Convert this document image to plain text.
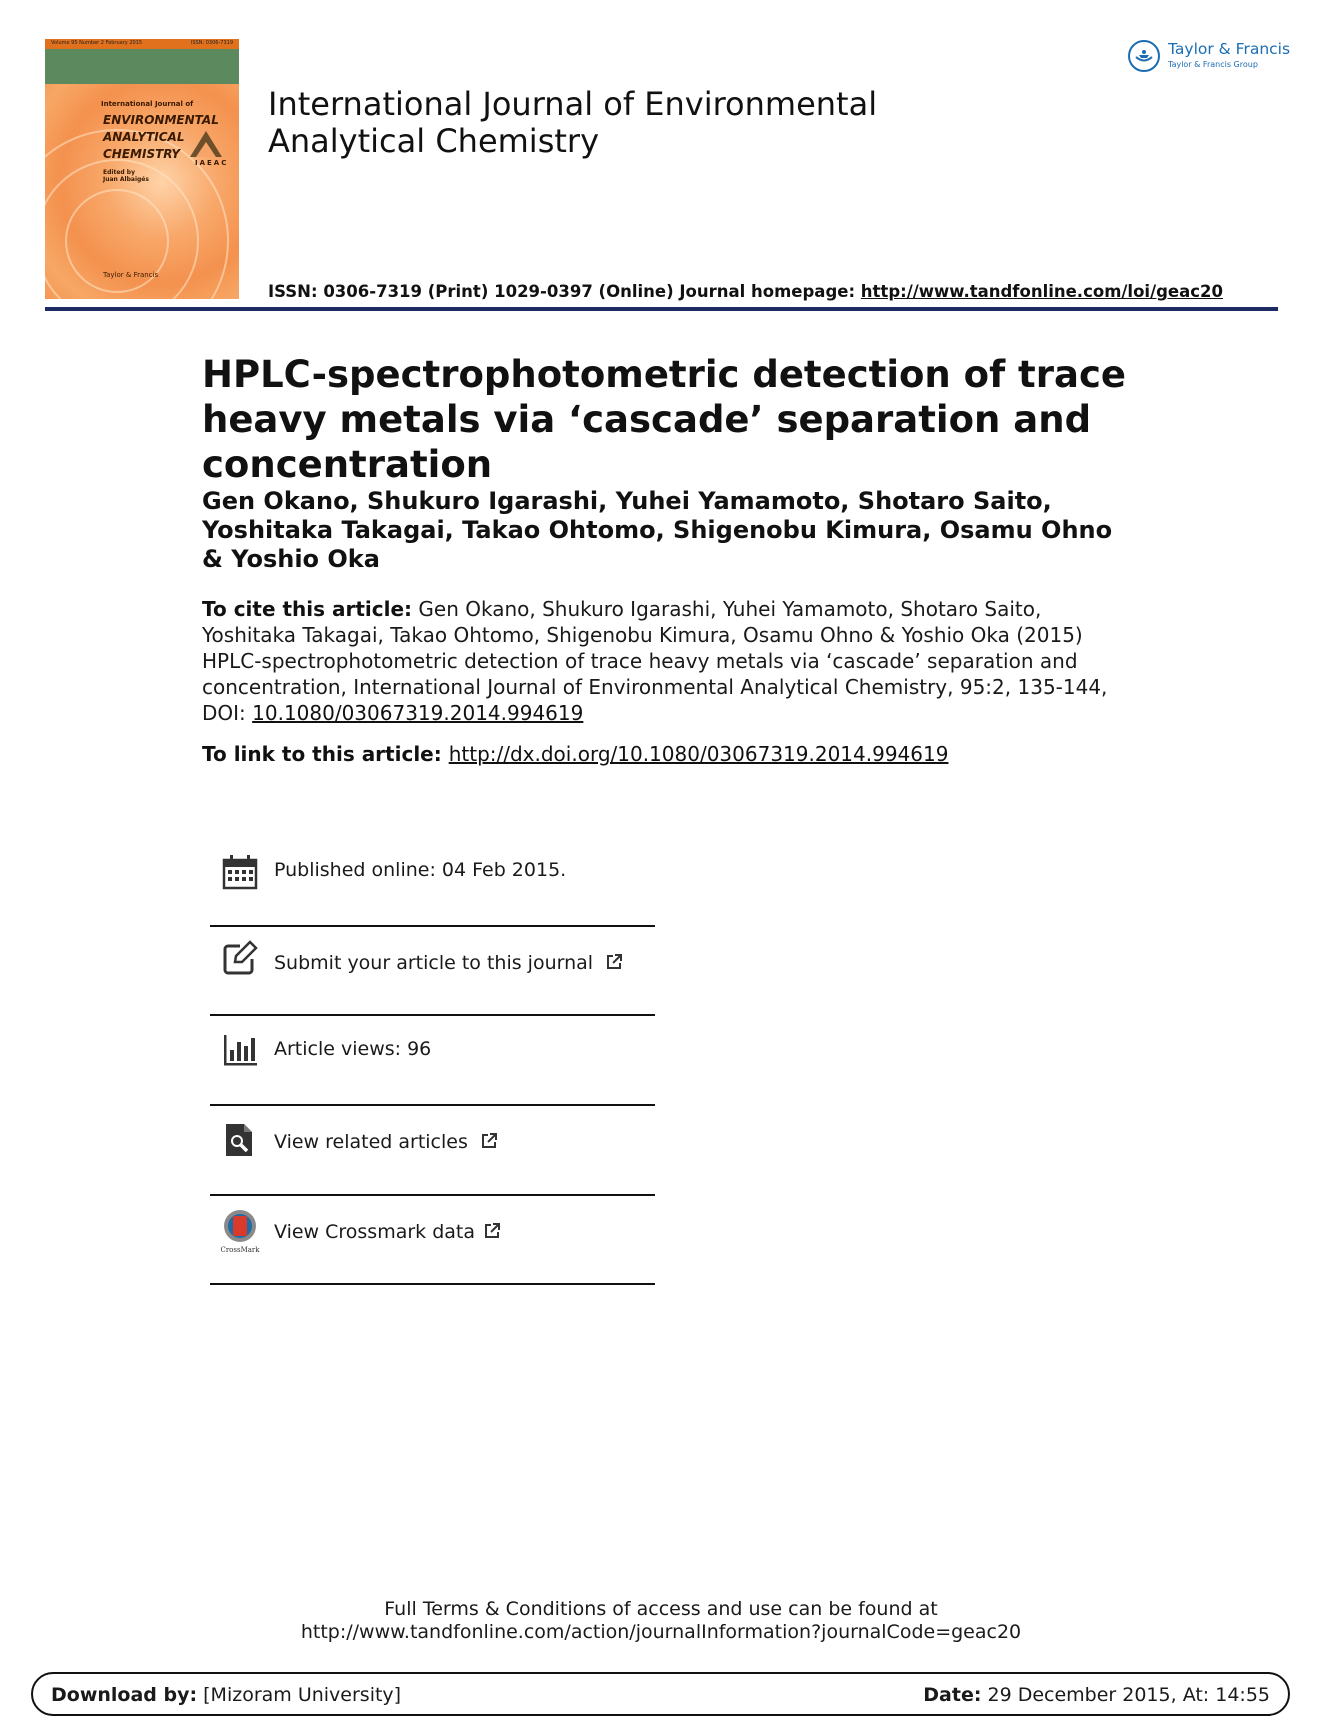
Volume 95 Number 2 February 2015	ISSN: 0306-7319
International Journal of
ENVIRONMENTAL
ANALYTICAL
CHEMISTRY
IAEAC
Edited by
Juan Albaigés
Taylor & Francis
International Journal of Environmental Analytical Chemistry
ISSN: 0306-7319 (Print) 1029-0397 (Online) Journal homepage: http://www.tandfonline.com/loi/geac20
Taylor & Francis
Taylor & Francis Group
HPLC-spectrophotometric detection of trace heavy metals via ‘cascade’ separation and concentration
Gen Okano, Shukuro Igarashi, Yuhei Yamamoto, Shotaro Saito, Yoshitaka Takagai, Takao Ohtomo, Shigenobu Kimura, Osamu Ohno & Yoshio Oka
To cite this article: Gen Okano, Shukuro Igarashi, Yuhei Yamamoto, Shotaro Saito, Yoshitaka Takagai, Takao Ohtomo, Shigenobu Kimura, Osamu Ohno & Yoshio Oka (2015) HPLC-spectrophotometric detection of trace heavy metals via ‘cascade’ separation and concentration, International Journal of Environmental Analytical Chemistry, 95:2, 135-144, DOI: 10.1080/03067319.2014.994619
To link to this article: http://dx.doi.org/10.1080/03067319.2014.994619
Published online: 04 Feb 2015.
Submit your article to this journal
Article views: 96
View related articles
CrossMark
View Crossmark data
Full Terms & Conditions of access and use can be found at
http://www.tandfonline.com/action/journalInformation?journalCode=geac20
Download by: [Mizoram University]	Date: 29 December 2015, At: 14:55
